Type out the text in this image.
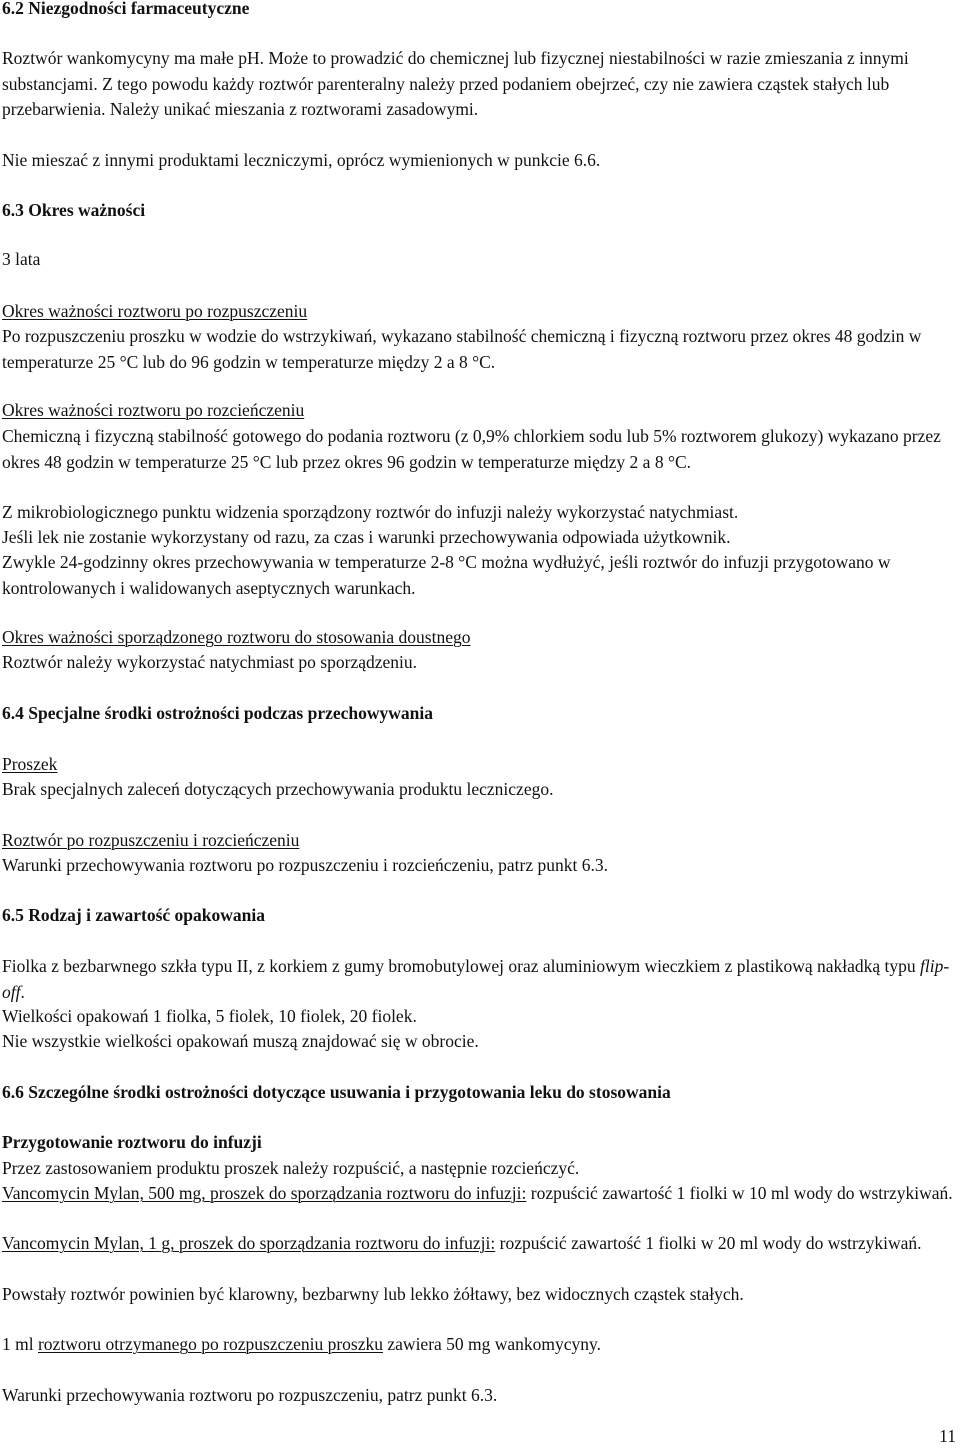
6.2 Niezgodności farmaceutyczne

Roztwór wankomycyny ma małe pH. Może to prowadzić do chemicznej lub fizycznej niestabilności w razie zmieszania z innymi substancjami. Z tego powodu każdy roztwór parenteralny należy przed podaniem obejrzeć, czy nie zawiera cząstek stałych lub przebarwienia. Należy unikać mieszania z roztworami zasadowymi.

Nie mieszać z innymi produktami leczniczymi, oprócz wymienionych w punkcie 6.6.

6.3 Okres ważności

3 lata

Okres ważności roztworu po rozpuszczeniu

Po rozpuszczeniu proszku w wodzie do wstrzykiwań, wykazano stabilność chemiczną i fizyczną roztworu przez okres 48 godzin w temperaturze 25 °C lub do 96 godzin w temperaturze między 2 a 8 °C.

Okres ważności roztworu po rozcieńczeniu

Chemiczną i fizyczną stabilność gotowego do podania roztworu (z 0,9% chlorkiem sodu lub 5% roztworem glukozy) wykazano przez okres 48 godzin w temperaturze 25 °C lub przez okres 96 godzin w temperaturze między 2 a 8 °C.

Z mikrobiologicznego punktu widzenia sporządzony roztwór do infuzji należy wykorzystać natychmiast.

Jeśli lek nie zostanie wykorzystany od razu, za czas i warunki przechowywania odpowiada użytkownik.

Zwykle 24-godzinny okres przechowywania w temperaturze 2-8 °C można wydłużyć, jeśli roztwór do infuzji przygotowano w kontrolowanych i walidowanych aseptycznych warunkach.

Okres ważności sporządzonego roztworu do stosowania doustnego

Roztwór należy wykorzystać natychmiast po sporządzeniu.

6.4 Specjalne środki ostrożności podczas przechowywania

Proszek

Brak specjalnych zaleceń dotyczących przechowywania produktu leczniczego.

Roztwór po rozpuszczeniu i rozcieńczeniu

Warunki przechowywania roztworu po rozpuszczeniu i rozcieńczeniu, patrz punkt 6.3.

6.5 Rodzaj i zawartość opakowania

Fiolka z bezbarwnego szkła typu II, z korkiem z gumy bromobutylowej oraz aluminiowym wieczkiem z plastikową nakładką typu flip-off.

Wielkości opakowań 1 fiolka, 5 fiolek, 10 fiolek, 20 fiolek.

Nie wszystkie wielkości opakowań muszą znajdować się w obrocie.

6.6 Szczególne środki ostrożności dotyczące usuwania i przygotowania leku do stosowania

Przygotowanie roztworu do infuzji

Przez zastosowaniem produktu proszek należy rozpuścić, a następnie rozcieńczyć.

Vancomycin Mylan, 500 mg, proszek do sporządzania roztworu do infuzji: rozpuścić zawartość 1 fiolki w 10 ml wody do wstrzykiwań.

Vancomycin Mylan, 1 g, proszek do sporządzania roztworu do infuzji: rozpuścić zawartość 1 fiolki w 20 ml wody do wstrzykiwań.

Powstały roztwór powinien być klarowny, bezbarwny lub lekko żółtawy, bez widocznych cząstek stałych.

1 ml roztworu otrzymanego po rozpuszczeniu proszku zawiera 50 mg wankomycyny.

Warunki przechowywania roztworu po rozpuszczeniu, patrz punkt 6.3.

11
